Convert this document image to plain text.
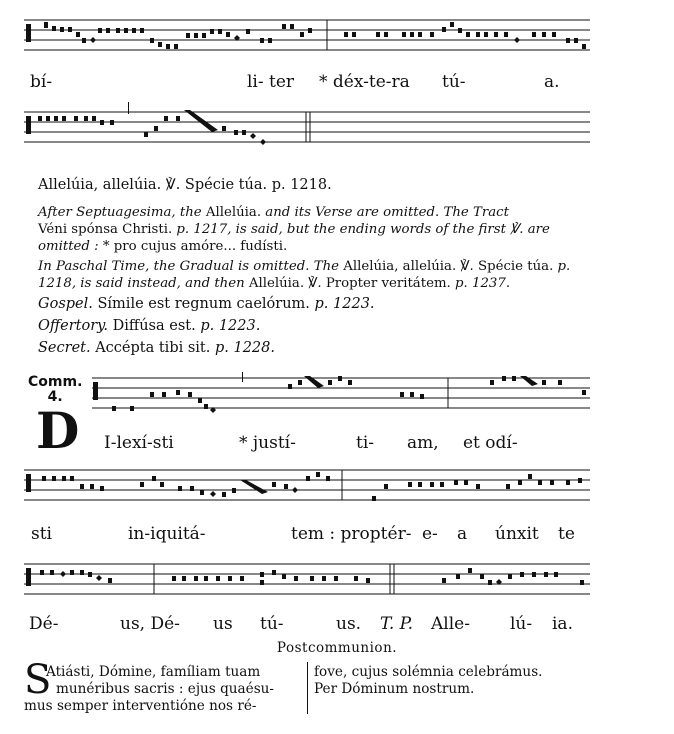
bí-	li- ter * déx-te-ra tú-	a.
Allelúia, allelúia. ℣. Spécie túa. p. 1218.
After Septuagesima, the Allelúia. and its Verse are omitted. The Tract
Véni spónsa Christi. p. 1217, is said, but the ending words of the first ℣. are omitted : * pro cujus amóre... fudísti.
In Paschal Time, the Gradual is omitted. The Allelúia, allelúia. ℣. Spécie túa. p. 1218, is said instead, and then Allelúia. ℣. Propter veritátem. p. 1237.
Gospel. Símile est regnum caelórum. p. 1223.
Offertory. Diffúsa est. p. 1223.
Secret. Accépta tibi sit. p. 1228.
Comm.
4.
D I-lexí-sti	* justí-	ti- am, et odí-
sti	in-iquitá-	tem : proptér- e- a únxit te
Dé-	us, Dé- us tú-	us. T. P. Alle- lú- ia.
Postcommunion.
S
Atiásti, Dómine, famíliam tuam
munéribus sacris : ejus quaésu-
mus semper interventióne nos ré-
fove, cujus solémnia celebrámus.
Per Dóminum nostrum.
